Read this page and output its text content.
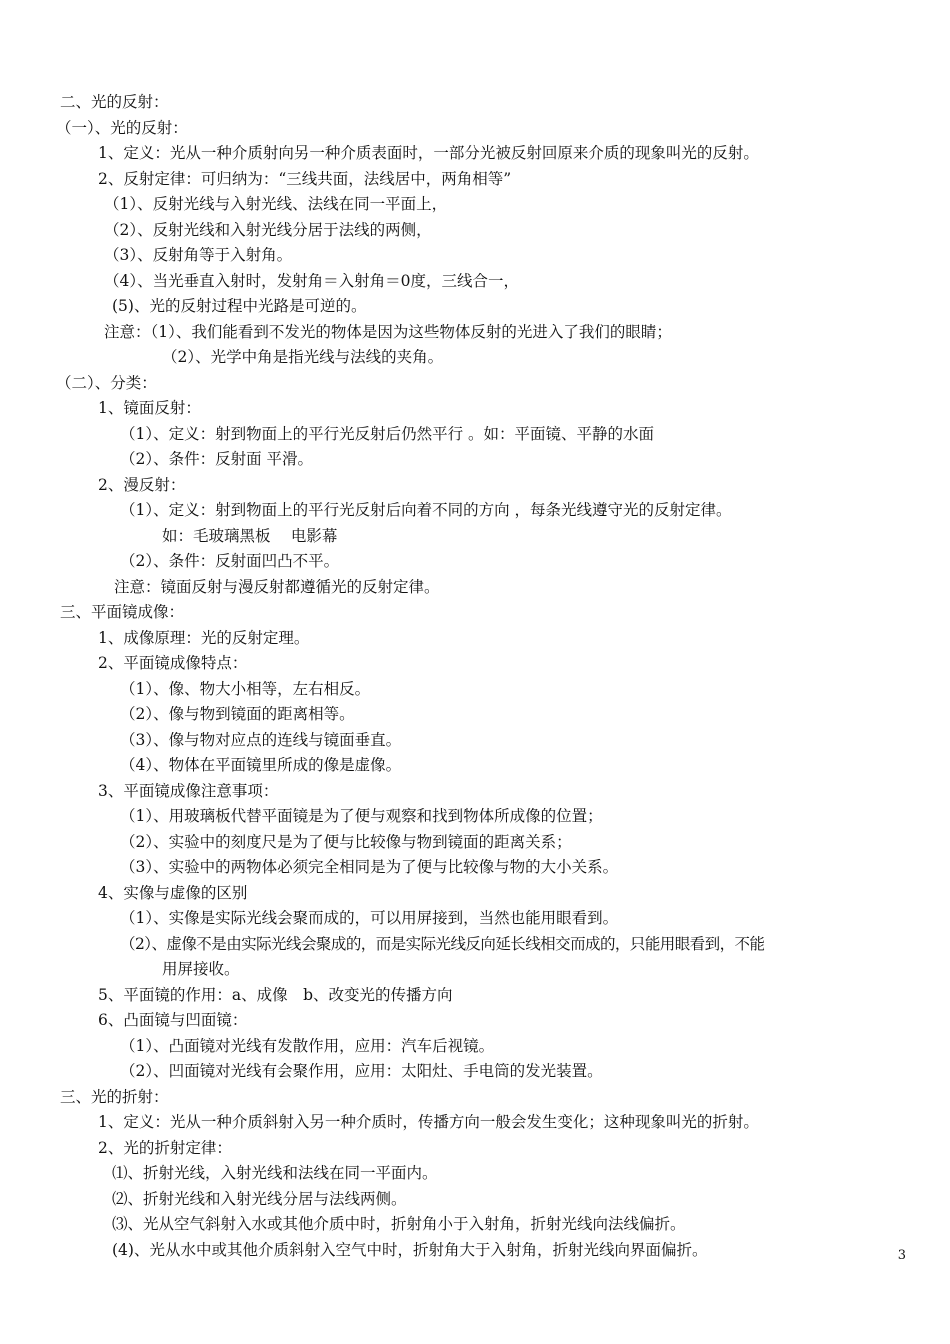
二、光的反射：
（一）、光的反射：
1、定义：光从一种介质射向另一种介质表面时，一部分光被反射回原来介质的现象叫光的反射。
2、反射定律：可归纳为：“三线共面，法线居中，两角相等”
（1）、反射光线与入射光线、法线在同一平面上，
（2）、反射光线和入射光线分居于法线的两侧，
（3）、反射角等于入射角。
（4）、当光垂直入射时，发射角＝入射角＝0度，三线合一，
(5)、光的反射过程中光路是可逆的。
注意：（1）、我们能看到不发光的物体是因为这些物体反射的光进入了我们的眼睛；
（2）、光学中角是指光线与法线的夹角。
（二）、分类：
1、镜面反射：
（1）、定义：射到物面上的平行光反射后仍然平行 。如：平面镜、平静的水面
（2）、条件：反射面 平滑。
2、漫反射：
（1）、定义：射到物面上的平行光反射后向着不同的方向 ，每条光线遵守光的反射定律。
如：毛玻璃黑板　 电影幕
（2）、条件：反射面凹凸不平。
注意：镜面反射与漫反射都遵循光的反射定律。
三、平面镜成像：
1、成像原理：光的反射定理。
2、平面镜成像特点：
（1）、像、物大小相等，左右相反。
（2）、像与物到镜面的距离相等。
（3）、像与物对应点的连线与镜面垂直。
（4）、物体在平面镜里所成的像是虚像。
3、平面镜成像注意事项：
（1）、用玻璃板代替平面镜是为了便与观察和找到物体所成像的位置；
（2）、实验中的刻度尺是为了便与比较像与物到镜面的距离关系；
（3）、实验中的两物体必须完全相同是为了便与比较像与物的大小关系。
4、实像与虚像的区别
（1）、实像是实际光线会聚而成的，可以用屏接到，当然也能用眼看到。
（2）、虚像不是由实际光线会聚成的，而是实际光线反向延长线相交而成的，只能用眼看到，不能
用屏接收。
5、平面镜的作用：a、成像　b、改变光的传播方向
6、凸面镜与凹面镜：
（1）、凸面镜对光线有发散作用，应用：汽车后视镜。
（2）、凹面镜对光线有会聚作用，应用：太阳灶、手电筒的发光装置。
三、光的折射：
1、定义：光从一种介质斜射入另一种介质时，传播方向一般会发生变化；这种现象叫光的折射。
2、光的折射定律：
⑴、折射光线，入射光线和法线在同一平面内。
⑵、折射光线和入射光线分居与法线两侧。
⑶、光从空气斜射入水或其他介质中时，折射角小于入射角，折射光线向法线偏折。
(4)、光从水中或其他介质斜射入空气中时，折射角大于入射角，折射光线向界面偏折。	3
